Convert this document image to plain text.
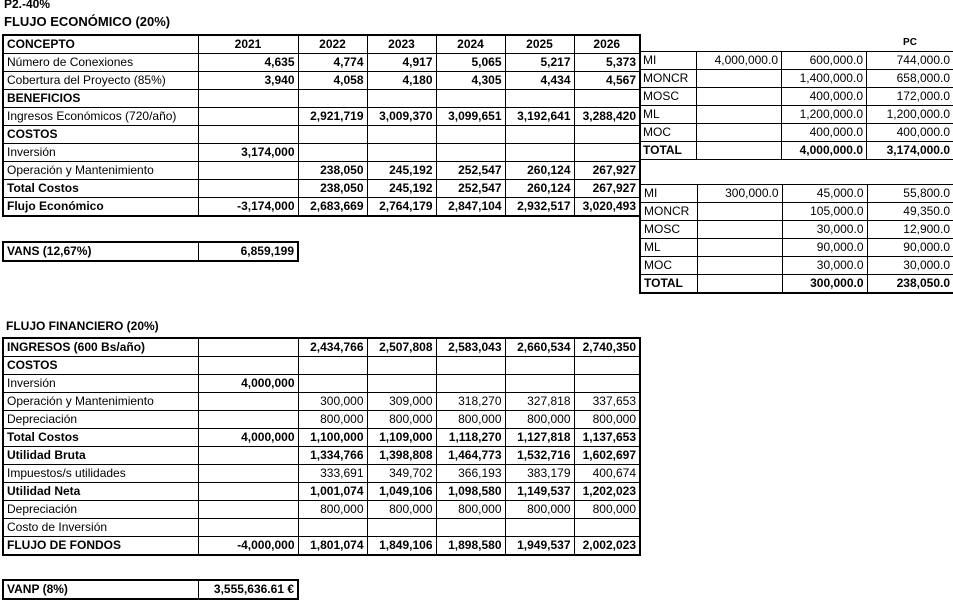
P2.-40%
FLUJO ECONÓMICO (20%)
CONCEPTO	2021	2022	2023	2024	2025	2026
Número de Conexiones	4,635	4,774	4,917	5,065	5,217	5,373
Cobertura del Proyecto (85%)	3,940	4,058	4,180	4,305	4,434	4,567
BENEFICIOS						
Ingresos Económicos (720/año)		2,921,719	3,009,370	3,099,651	3,192,641	3,288,420
COSTOS						
Inversión	3,174,000					
Operación y Mantenimiento		238,050	245,192	252,547	260,124	267,927
Total Costos		238,050	245,192	252,547	260,124	267,927
Flujo Económico	-3,174,000	2,683,669	2,764,179	2,847,104	2,932,517	3,020,493
			PC
MI	4,000,000.0	600,000.0	744,000.0
MONCR		1,400,000.0	658,000.0
MOSC		400,000.0	172,000.0
ML		1,200,000.0	1,200,000.0
MOC		400,000.0	400,000.0
TOTAL		4,000,000.0	3,174,000.0
MI	300,000.0	45,000.0	55,800.0
MONCR		105,000.0	49,350.0
MOSC		30,000.0	12,900.0
ML		90,000.0	90,000.0
MOC		30,000.0	30,000.0
TOTAL		300,000.0	238,050.0
VANS (12,67%)	6,859,199
FLUJO FINANCIERO (20%)
INGRESOS (600 Bs/año)		2,434,766	2,507,808	2,583,043	2,660,534	2,740,350
COSTOS						
Inversión	4,000,000					
Operación y Mantenimiento		300,000	309,000	318,270	327,818	337,653
Depreciación		800,000	800,000	800,000	800,000	800,000
Total Costos	4,000,000	1,100,000	1,109,000	1,118,270	1,127,818	1,137,653
Utilidad Bruta		1,334,766	1,398,808	1,464,773	1,532,716	1,602,697
Impuestos/s utilidades		333,691	349,702	366,193	383,179	400,674
Utilidad Neta		1,001,074	1,049,106	1,098,580	1,149,537	1,202,023
Depreciación		800,000	800,000	800,000	800,000	800,000
Costo de Inversión						
FLUJO DE FONDOS	-4,000,000	1,801,074	1,849,106	1,898,580	1,949,537	2,002,023
VANP (8%)	3,555,636.61 €
